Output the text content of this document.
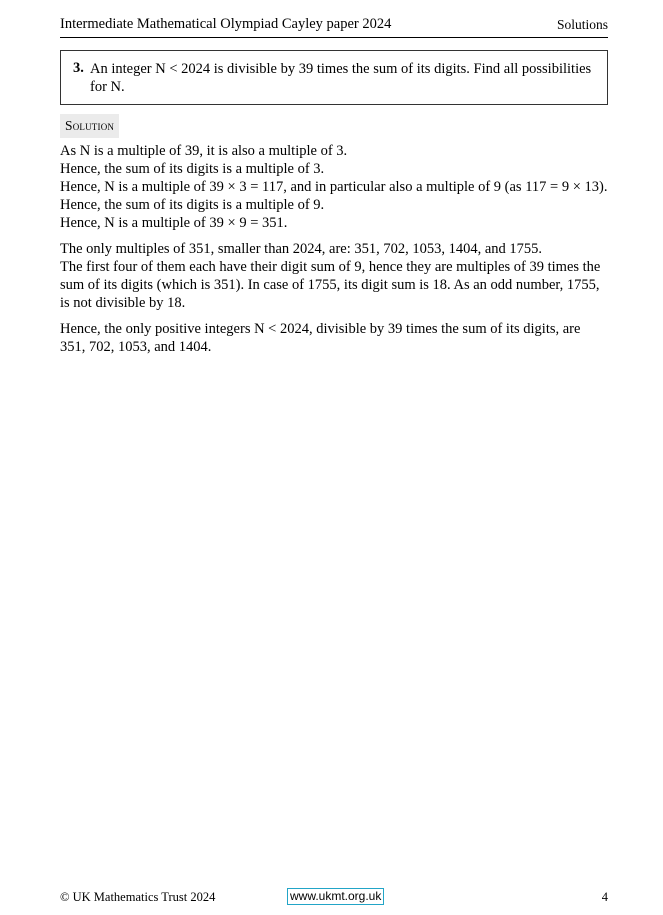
Intermediate Mathematical Olympiad Cayley paper 2024	Solutions
3. An integer N < 2024 is divisible by 39 times the sum of its digits. Find all possibilities for N.
Solution
As N is a multiple of 39, it is also a multiple of 3.
Hence, the sum of its digits is a multiple of 3.
Hence, N is a multiple of 39 × 3 = 117, and in particular also a multiple of 9 (as 117 = 9 × 13).
Hence, the sum of its digits is a multiple of 9.
Hence, N is a multiple of 39 × 9 = 351.
The only multiples of 351, smaller than 2024, are: 351, 702, 1053, 1404, and 1755.
The first four of them each have their digit sum of 9, hence they are multiples of 39 times the sum of its digits (which is 351). In case of 1755, its digit sum is 18. As an odd number, 1755, is not divisible by 18.
Hence, the only positive integers N < 2024, divisible by 39 times the sum of its digits, are 351, 702, 1053, and 1404.
© UK Mathematics Trust 2024	www.ukmt.org.uk	4
